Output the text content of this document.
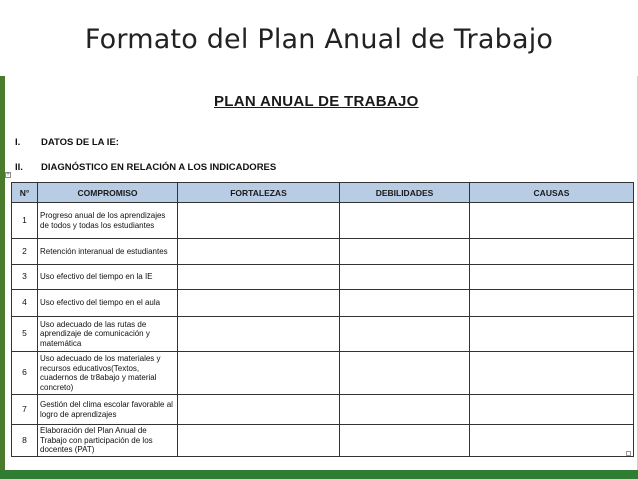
Formato del Plan Anual de Trabajo
PLAN ANUAL DE TRABAJO
I. DATOS DE LA IE:
II. DIAGNÓSTICO EN RELACIÓN A LOS INDICADORES
+
N°	COMPROMISO	FORTALEZAS	DEBILIDADES	CAUSAS
1	Progreso anual de los aprendizajes de todos y todas los estudiantes			
2	Retención interanual de estudiantes			
3	Uso efectivo del tiempo en la IE			
4	Uso efectivo del tiempo en el aula			
5	Uso adecuado de las rutas de aprendizaje de comunicación y matemática			
6	Uso adecuado de los materiales y recursos educativos(Textos, cuadernos de tr8abajo y material concreto)			
7	Gestión del clima escolar favorable al logro de aprendizajes			
8	Elaboración del Plan Anual de Trabajo con participación de los docentes (PAT)			
